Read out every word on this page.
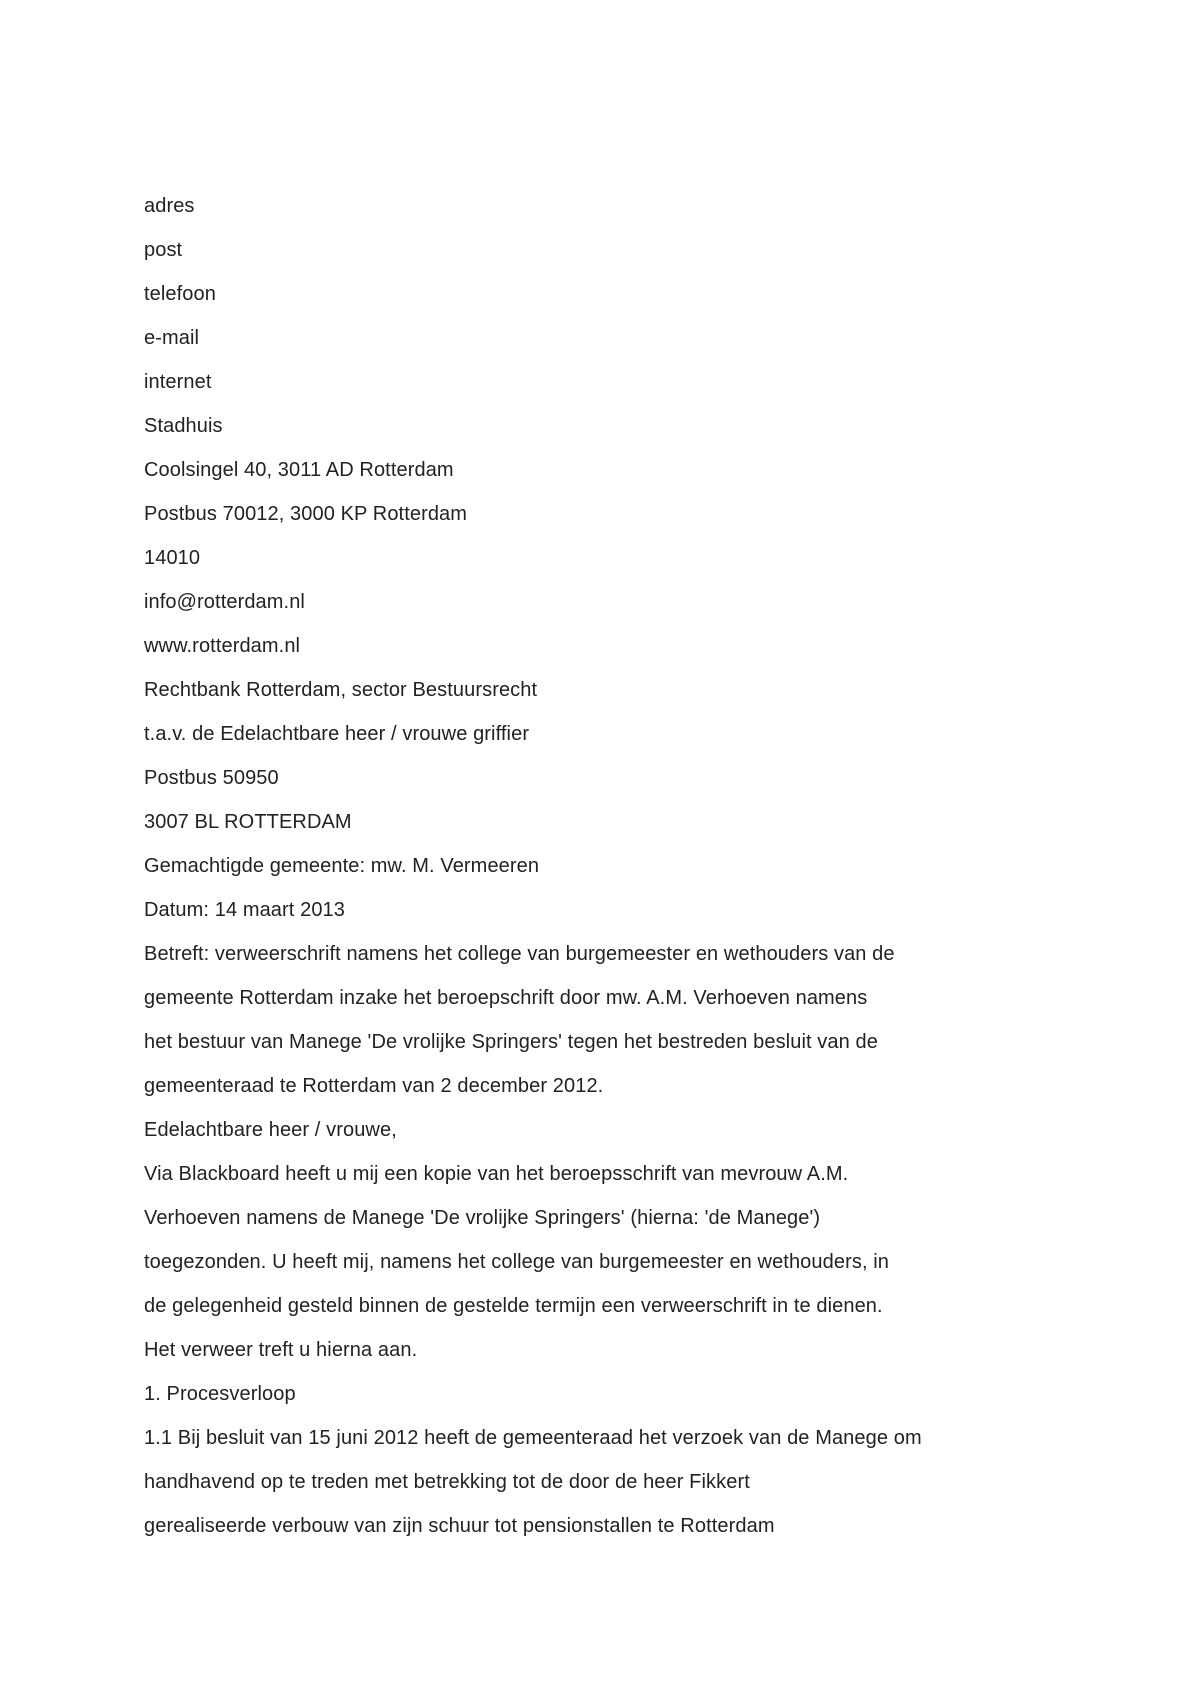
adres
post
telefoon
e-mail
internet
Stadhuis
Coolsingel 40, 3011 AD Rotterdam
Postbus 70012, 3000 KP Rotterdam
14010
info@rotterdam.nl
www.rotterdam.nl
Rechtbank Rotterdam, sector Bestuursrecht
t.a.v. de Edelachtbare heer / vrouwe griffier
Postbus 50950
3007 BL ROTTERDAM
Gemachtigde gemeente: mw. M. Vermeeren
Datum: 14 maart 2013
Betreft: verweerschrift namens het college van burgemeester en wethouders van de
gemeente Rotterdam inzake het beroepschrift door mw. A.M. Verhoeven namens
het bestuur van Manege 'De vrolijke Springers' tegen het bestreden besluit van de
gemeenteraad te Rotterdam van 2 december 2012.
Edelachtbare heer / vrouwe,
Via Blackboard heeft u mij een kopie van het beroepsschrift van mevrouw A.M.
Verhoeven namens de Manege 'De vrolijke Springers' (hierna: 'de Manege')
toegezonden. U heeft mij, namens het college van burgemeester en wethouders, in
de gelegenheid gesteld binnen de gestelde termijn een verweerschrift in te dienen.
Het verweer treft u hierna aan.
1. Procesverloop
1.1 Bij besluit van 15 juni 2012 heeft de gemeenteraad het verzoek van de Manege om
handhavend op te treden met betrekking tot de door de heer Fikkert
gerealiseerde verbouw van zijn schuur tot pensionstallen te Rotterdam
